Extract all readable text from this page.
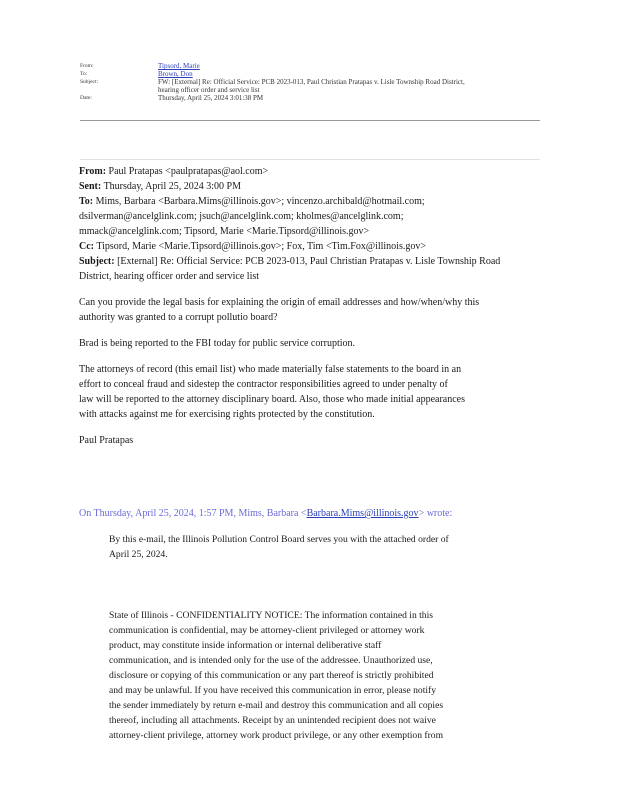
From:	Tipsord, Marie
To:	Brown, Don
Subject:	FW: [External] Re: Official Service: PCB 2023-013, Paul Christian Pratapas v. Lisle Township Road District,
hearing officer order and service list
Date:	Thursday, April 25, 2024 3:01:38 PM

From: Paul Pratapas <paulpratapas@aol.com>

Sent: Thursday, April 25, 2024 3:00 PM

To: Mims, Barbara <Barbara.Mims@illinois.gov>; vincenzo.archibald@hotmail.com;

dsilverman@ancelglink.com; jsuch@ancelglink.com; kholmes@ancelglink.com;

mmack@ancelglink.com; Tipsord, Marie <Marie.Tipsord@illinois.gov>

Cc: Tipsord, Marie <Marie.Tipsord@illinois.gov>; Fox, Tim <Tim.Fox@illinois.gov>

Subject: [External] Re: Official Service: PCB 2023-013, Paul Christian Pratapas v. Lisle Township Road

District, hearing officer order and service list

Can you provide the legal basis for explaining the origin of email addresses and how/when/why this

authority was granted to a corrupt pollutio board?

Brad is being reported to the FBI today for public service corruption.

The attorneys of record (this email list) who made materially false statements to the board in an

effort to conceal fraud and sidestep the contractor responsibilities agreed to under penalty of

law will be reported to the attorney disciplinary board. Also, those who made initial appearances

with attacks against me for exercising rights protected by the constitution.

Paul Pratapas

On Thursday, April 25, 2024, 1:57 PM, Mims, Barbara <Barbara.Mims@illinois.gov> wrote:

By this e-mail, the Illinois Pollution Control Board serves you with the attached order of

April 25, 2024.

State of Illinois - CONFIDENTIALITY NOTICE: The information contained in this

communication is confidential, may be attorney-client privileged or attorney work

product, may constitute inside information or internal deliberative staff

communication, and is intended only for the use of the addressee. Unauthorized use,

disclosure or copying of this communication or any part thereof is strictly prohibited

and may be unlawful. If you have received this communication in error, please notify

the sender immediately by return e-mail and destroy this communication and all copies

thereof, including all attachments. Receipt by an unintended recipient does not waive

attorney-client privilege, attorney work product privilege, or any other exemption from
